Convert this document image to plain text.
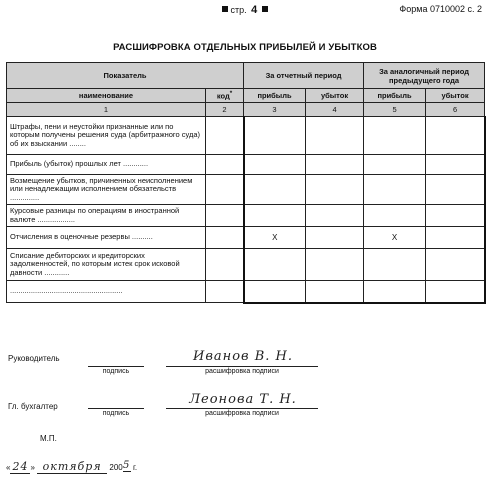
стр. 4	Форма 0710002 с. 2
РАСШИФРОВКА ОТДЕЛЬНЫХ ПРИБЫЛЕЙ И УБЫТКОВ
Показатель		За отчетный период		За аналогичный период предыдущего года	
наименование	код*	прибыль	убыток	прибыль	убыток
1	2	3	4	5	6
Штрафы, пени и неустойки признанные или по которым получены решения суда (арбитражного суда) об их взыскании ........					
Прибыль (убыток) прошлых лет ............					
Возмещение убытков, причиненных неисполнением или ненадлежащим исполнением обязательств ..............					
Курсовые разницы по операциям в иностранной валюте ..................					
Отчисления в оценочные резервы ..........		X		X	
Списание дебиторских и кредиторских задолженностей, по которым истек срок исковой давности ............					
......................................................					
Руководитель
подпись
Иванов В. Н.
расшифровка подписи
Гл. бухгалтер
подпись
Леонова Т. Н.
расшифровка подписи
М.П.
« 24 » октября 2005 г.
